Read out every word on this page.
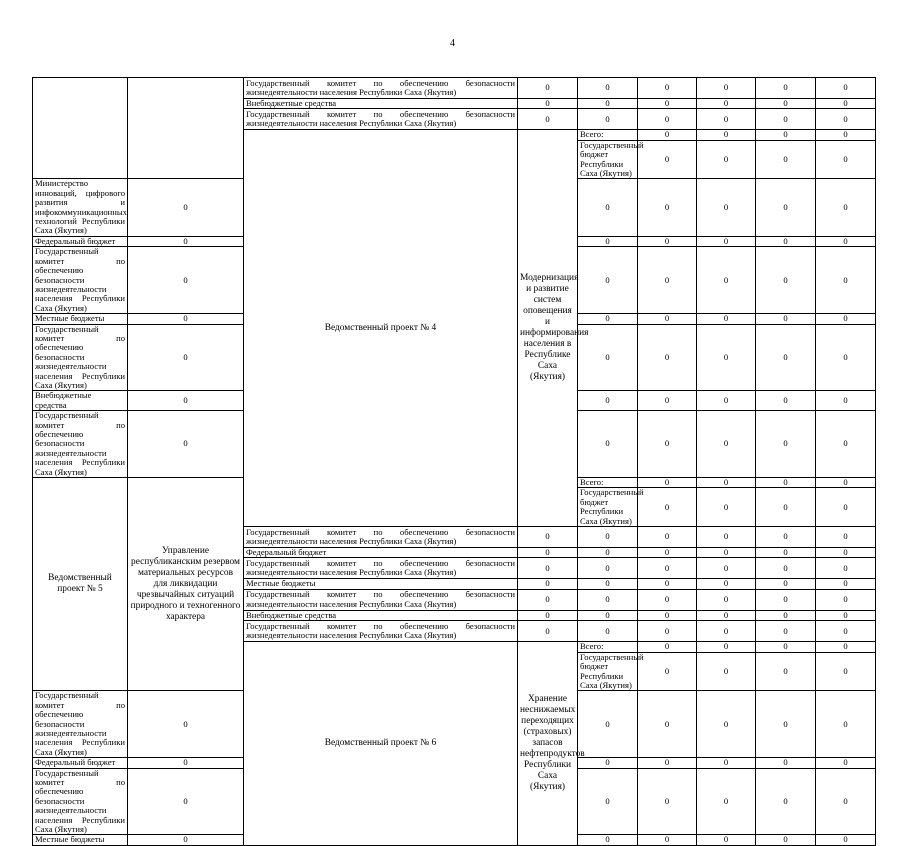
4
		Государственный комитет по обеспечению безопасности жизнедеятельности населения Республики Саха (Якутия)	0	0	0	0	0	0	
		Внебюджетные средства	0	0	0	0	0	0	
		Государственный комитет по обеспечению безопасности жизнедеятельности населения Республики Саха (Якутия)	0	0	0	0	0	0	
		Ведомственный проект № 4	Модернизация и развитие систем оповещения и информирования населения в Республике Саха (Якутия)	Всего:	0	0	0	0		
				Государственный бюджет Республики Саха (Якутия)	0	0	0	0		
Министерство инноваций, цифрового развития и инфокоммуникационных технологий Республики Саха (Якутия)	0			0	0	0	0	0	
Федеральный бюджет	0			0	0	0	0	0	
Государственный комитет по обеспечению безопасности жизнедеятельности населения Республики Саха (Якутия)	0			0	0	0	0	0	
Местные бюджеты	0			0	0	0	0	0	
Государственный комитет по обеспечению безопасности жизнедеятельности населения Республики Саха (Якутия)	0			0	0	0	0	0	
Внебюджетные средства	0			0	0	0	0	0	
Государственный комитет по обеспечению безопасности жизнедеятельности населения Республики Саха (Якутия)	0			0	0	0	0	0	
Ведомственный проект № 5	Управление республиканским резервом материальных ресурсов для ликвидации чрезвычайных ситуаций природного и техногенного характера			Всего:	0	0	0	0		
				Государственный бюджет Республики Саха (Якутия)	0	0	0	0		
		Государственный комитет по обеспечению безопасности жизнедеятельности населения Республики Саха (Якутия)	0	0	0	0	0	0	
		Федеральный бюджет	0	0	0	0	0	0	
		Государственный комитет по обеспечению безопасности жизнедеятельности населения Республики Саха (Якутия)	0	0	0	0	0	0	
		Местные бюджеты	0	0	0	0	0	0	
		Государственный комитет по обеспечению безопасности жизнедеятельности населения Республики Саха (Якутия)	0	0	0	0	0	0	
		Внебюджетные средства	0	0	0	0	0	0	
		Государственный комитет по обеспечению безопасности жизнедеятельности населения Республики Саха (Якутия)	0	0	0	0	0	0	
		Ведомственный проект № 6	Хранение неснижаемых переходящих (страховых) запасов нефтепродуктов Республики Саха (Якутия)	Всего:	0	0	0	0		
				Государственный бюджет Республики Саха (Якутия)	0	0	0	0		
Государственный комитет по обеспечению безопасности жизнедеятельности населения Республики Саха (Якутия)	0			0	0	0	0	0	
Федеральный бюджет	0			0	0	0	0	0	
Государственный комитет по обеспечению безопасности жизнедеятельности населения Республики Саха (Якутия)	0			0	0	0	0	0	
Местные бюджеты	0			0	0	0	0	0	
